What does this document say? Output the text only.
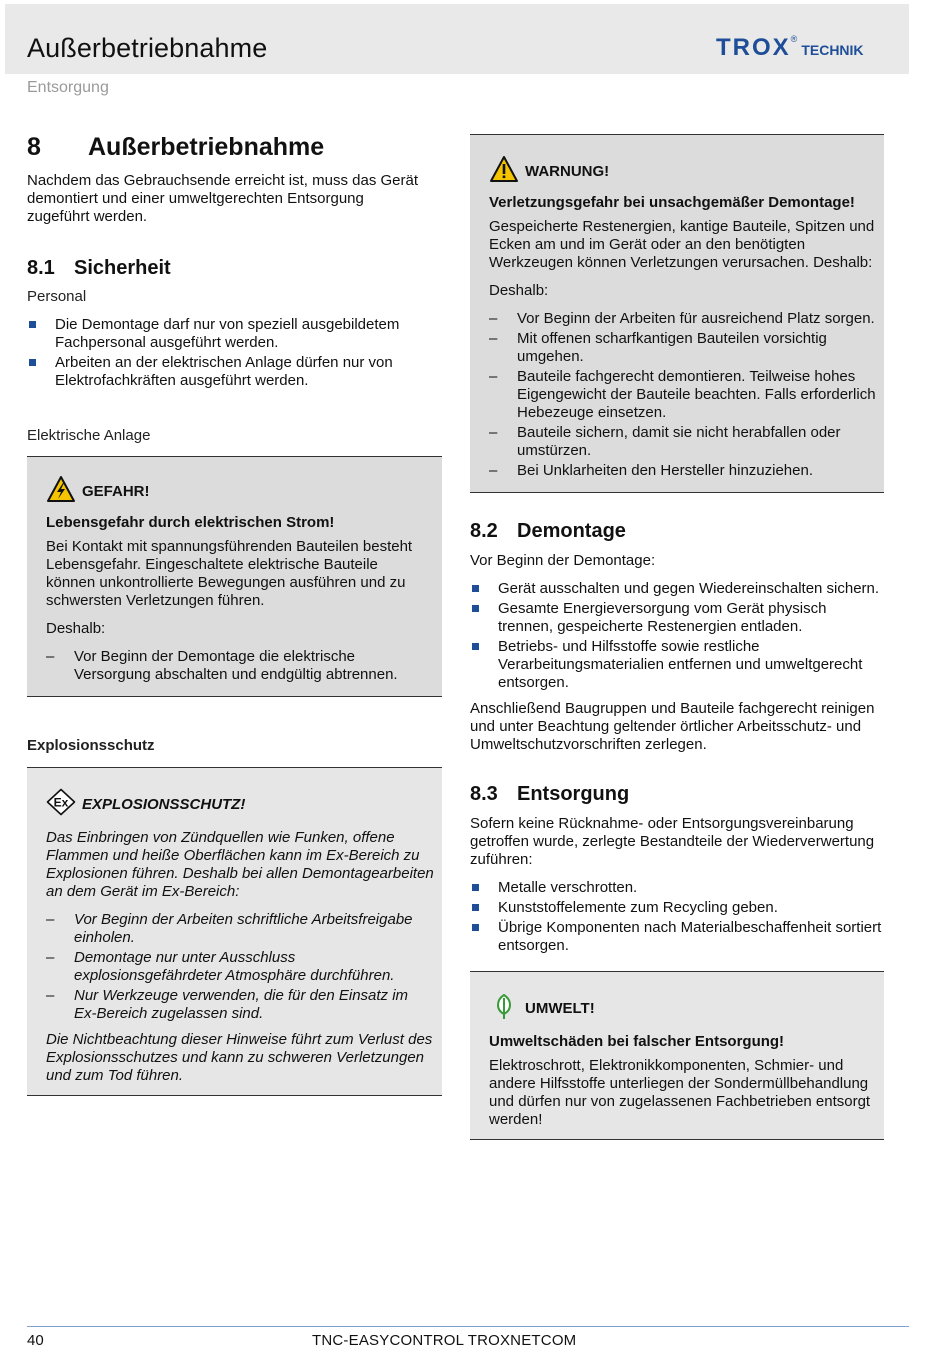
Außerbetriebnahme	TROX ®
TECHNIK
Entsorgung
8	Außerbetriebnahme

Nachdem das Gebrauchsende erreicht ist, muss das Gerät demontiert und einer umweltgerechten Entsorgung zugeführt werden.

8.1 Sicherheit
Personal
Die Demontage darf nur von speziell ausgebildetem Fachpersonal ausgeführt werden.
Arbeiten an der elektrischen Anlage dürfen nur von Elektrofachkräften ausgeführt werden.
Elektrische Anlage
GEFAHR!
Lebensgefahr durch elektrischen Strom!

Bei Kontakt mit spannungsführenden Bauteilen besteht Lebensgefahr. Eingeschaltete elektrische Bauteile können unkontrollierte Bewegungen ausführen und zu schwersten Verletzungen führen.

Deshalb:

–	Vor Beginn der Demontage die elektrische Versorgung abschalten und endgültig abtrennen.
Explosionsschutz
Ex EXPLOSIONSSCHUTZ!

Das Einbringen von Zündquellen wie Funken, offene Flammen und heiße Oberflächen kann im Ex-Bereich zu Explosionen führen. Deshalb bei allen Demontagearbeiten an dem Gerät im Ex-Bereich:

–	Vor Beginn der Arbeiten schriftliche Arbeitsfreigabe einholen.
–	Demontage nur unter Ausschluss explosionsgefährdeter Atmosphäre durchführen.
–	Nur Werkzeuge verwenden, die für den Einsatz im Ex-Bereich zugelassen sind.

Die Nichtbeachtung dieser Hinweise führt zum Verlust des Explosionsschutzes und kann zu schweren Verletzungen und zum Tod führen.

WARNUNG!
Verletzungsgefahr bei unsachgemäßer Demontage!

Gespeicherte Restenergien, kantige Bauteile, Spitzen und Ecken am und im Gerät oder an den benötigten Werkzeugen können Verletzungen verursachen. Deshalb:

Deshalb:

–	Vor Beginn der Arbeiten für ausreichend Platz sorgen.
–	Mit offenen scharfkantigen Bauteilen vorsichtig umgehen.
–	Bauteile fachgerecht demontieren. Teilweise hohes Eigengewicht der Bauteile beachten. Falls erforderlich Hebezeuge einsetzen.
–	Bauteile sichern, damit sie nicht herabfallen oder umstürzen.
–	Bei Unklarheiten den Hersteller hinzuziehen.
8.2 Demontage

Vor Beginn der Demontage:

Gerät ausschalten und gegen Wiedereinschalten sichern.
Gesamte Energieversorgung vom Gerät physisch trennen, gespeicherte Restenergien entladen.
Betriebs- und Hilfsstoffe sowie restliche Verarbeitungsmaterialien entfernen und umweltgerecht entsorgen.

Anschließend Baugruppen und Bauteile fachgerecht reinigen und unter Beachtung geltender örtlicher Arbeitsschutz- und Umweltschutzvorschriften zerlegen.

8.3 Entsorgung

Sofern keine Rücknahme- oder Entsorgungsvereinbarung getroffen wurde, zerlegte Bestandteile der Wiederverwertung zuführen:

Metalle verschrotten.
Kunststoffelemente zum Recycling geben.
Übrige Komponenten nach Materialbeschaffenheit sortiert entsorgen.
UMWELT!
Umweltschäden bei falscher Entsorgung!

Elektroschrott, Elektronikkomponenten, Schmier- und andere Hilfsstoffe unterliegen der Sondermüllbehandlung und dürfen nur von zugelassenen Fachbetrieben entsorgt werden!

40	TNC-EASYCONTROL TROXNETCOM
